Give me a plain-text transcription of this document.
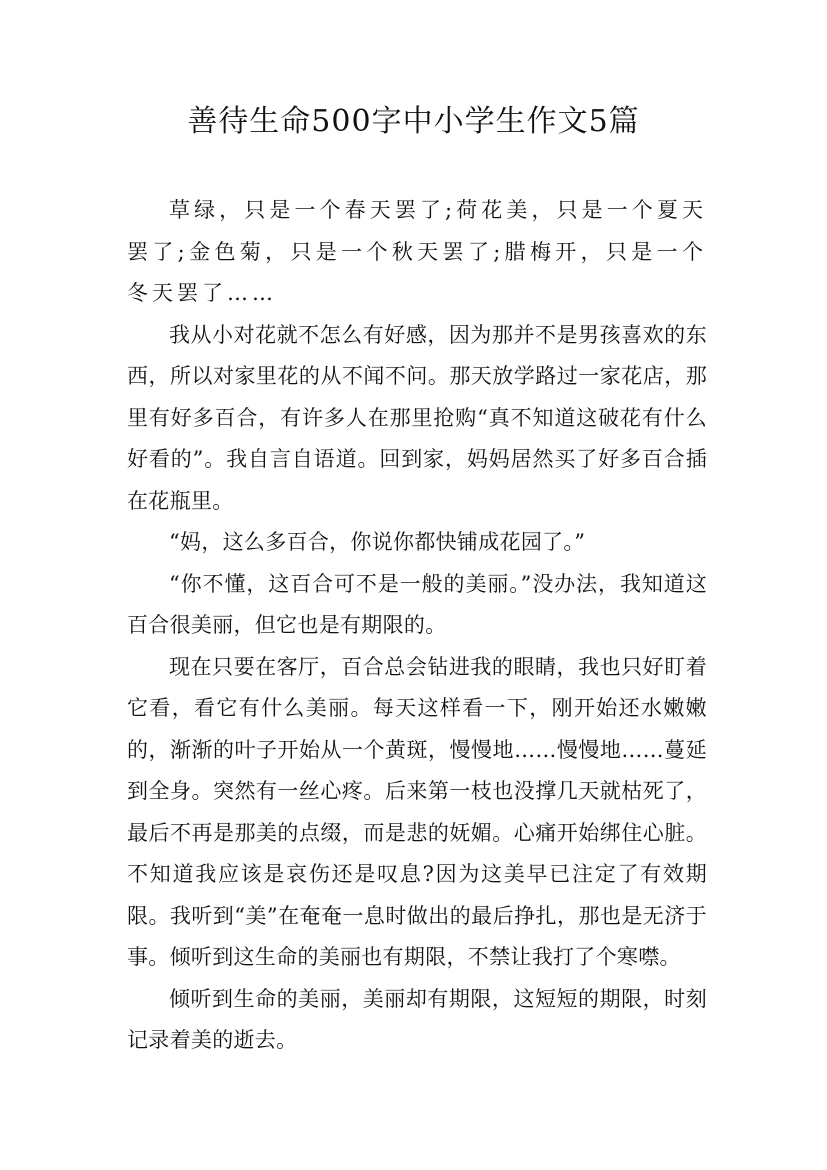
善待生命500字中小学生作文5篇

草绿，只是一个春天罢了;荷花美，只是一个夏天罢了;金色菊，只是一个秋天罢了;腊梅开，只是一个冬天罢了……

我从小对花就不怎么有好感，因为那并不是男孩喜欢的东西，所以对家里花的从不闻不问。那天放学路过一家花店，那里有好多百合，有许多人在那里抢购“真不知道这破花有什么好看的”。我自言自语道。回到家，妈妈居然买了好多百合插在花瓶里。

“妈，这么多百合，你说你都快铺成花园了。”

“你不懂，这百合可不是一般的美丽。”没办法，我知道这百合很美丽，但它也是有期限的。

现在只要在客厅，百合总会钻进我的眼睛，我也只好盯着它看，看它有什么美丽。每天这样看一下，刚开始还水嫩嫩的，渐渐的叶子开始从一个黄斑，慢慢地……慢慢地……蔓延到全身。突然有一丝心疼。后来第一枝也没撑几天就枯死了，最后不再是那美的点缀，而是悲的妩媚。心痛开始绑住心脏。不知道我应该是哀伤还是叹息?因为这美早已注定了有效期限。我听到“美”在奄奄一息时做出的最后挣扎，那也是无济于事。倾听到这生命的美丽也有期限，不禁让我打了个寒噤。

倾听到生命的美丽，美丽却有期限，这短短的期限，时刻记录着美的逝去。
